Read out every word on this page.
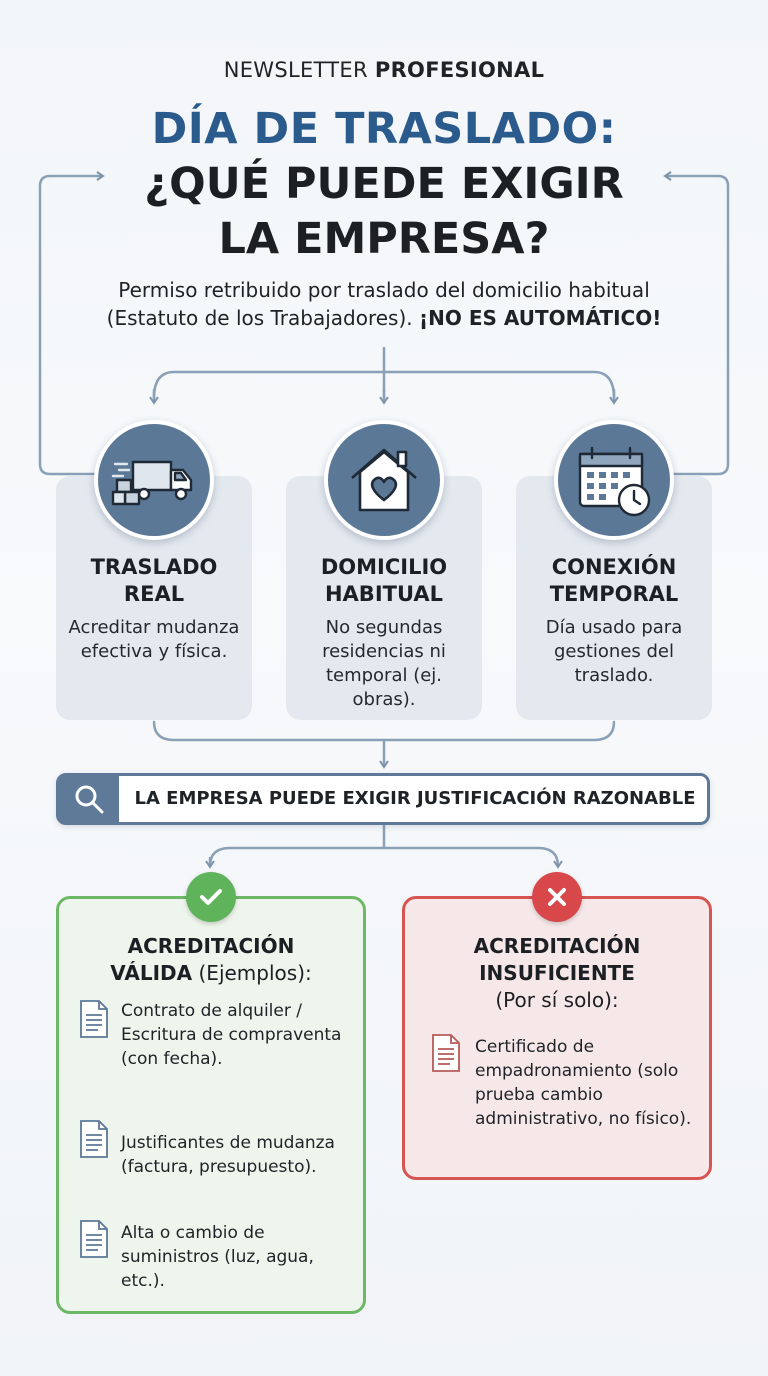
NEWSLETTER PROFESIONAL
DÍA DE TRASLADO:
¿QUÉ PUEDE EXIGIR
LA EMPRESA?
Permiso retribuido por traslado del domicilio habitual
(Estatuto de los Trabajadores). ¡NO ES AUTOMÁTICO!
TRASLADO
REAL
DOMICILIO
HABITUAL
CONEXIÓN
TEMPORAL
Acreditar mudanza efectiva y física.
No segundas residencias ni temporal (ej. obras).
Día usado para gestiones del traslado.
LA EMPRESA PUEDE EXIGIR JUSTIFICACIÓN RAZONABLE
ACREDITACIÓN
VÁLIDA (Ejemplos):
Contrato de alquiler / Escritura de compraventa (con fecha).
Justificantes de mudanza (factura, presupuesto).
Alta o cambio de suministros (luz, agua, etc.).
ACREDITACIÓN
INSUFICIENTE
(Por sí solo):
Certificado de empadronamiento (solo prueba cambio administrativo, no físico).
